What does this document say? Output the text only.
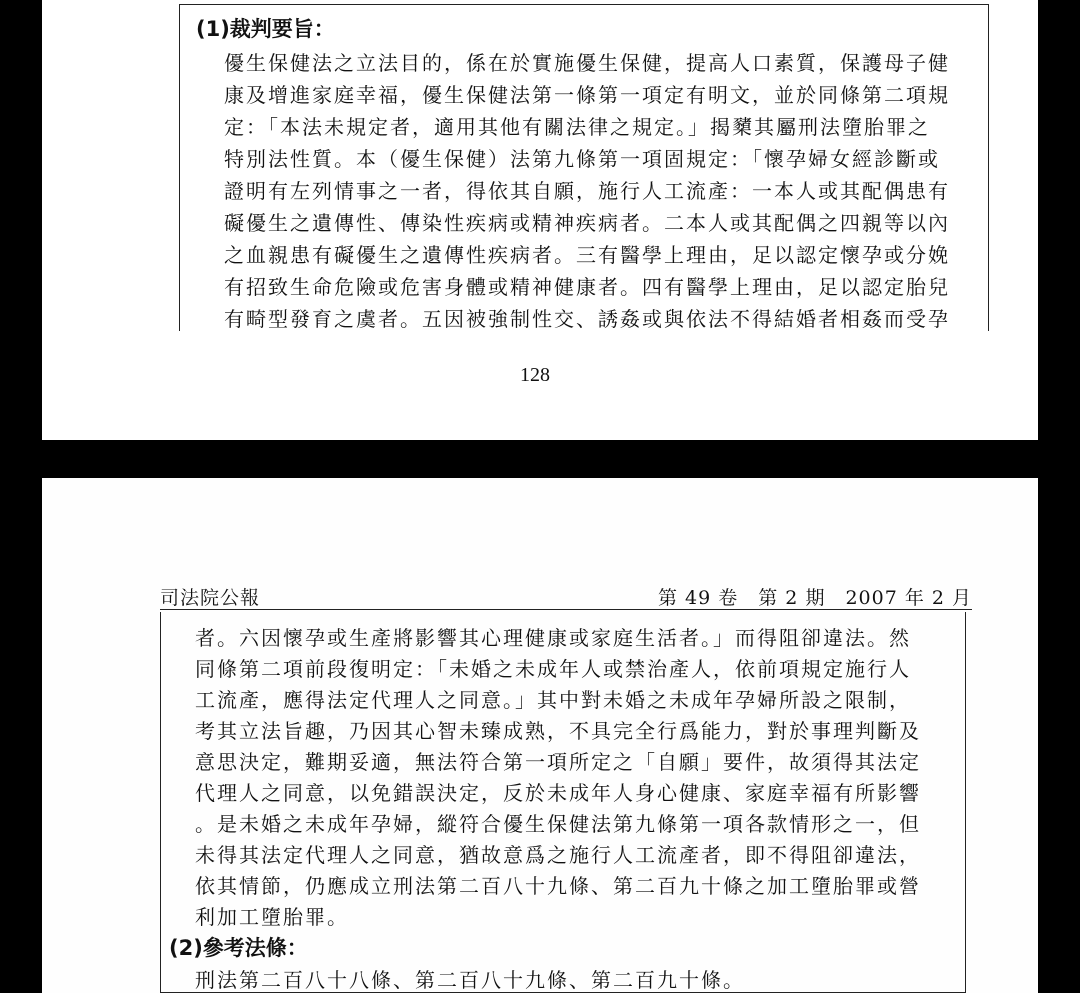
(1)裁判要旨：
優生保健法之立法目的，係在於實施優生保健，提高人口素質，保護母子健
康及增進家庭幸福，優生保健法第一條第一項定有明文，並於同條第二項規
定：「本法未規定者，適用其他有關法律之規定。」揭櫫其屬刑法墮胎罪之
特別法性質。本（優生保健）法第九條第一項固規定：「懷孕婦女經診斷或
證明有左列情事之一者，得依其自願，施行人工流產：一本人或其配偶患有
礙優生之遺傳性、傳染性疾病或精神疾病者。二本人或其配偶之四親等以內
之血親患有礙優生之遺傳性疾病者。三有醫學上理由，足以認定懷孕或分娩
有招致生命危險或危害身體或精神健康者。四有醫學上理由，足以認定胎兒
有畸型發育之虞者。五因被強制性交、誘姦或與依法不得結婚者相姦而受孕
128
司法院公報	第 49 卷　第 2 期　2007 年 2 月
者。六因懷孕或生產將影響其心理健康或家庭生活者。」而得阻卻違法。然
同條第二項前段復明定：「未婚之未成年人或禁治產人，依前項規定施行人
工流產，應得法定代理人之同意。」其中對未婚之未成年孕婦所設之限制，
考其立法旨趣，乃因其心智未臻成熟，不具完全行爲能力，對於事理判斷及
意思決定，難期妥適，無法符合第一項所定之「自願」要件，故須得其法定
代理人之同意，以免錯誤決定，反於未成年人身心健康、家庭幸福有所影響
。是未婚之未成年孕婦，縱符合優生保健法第九條第一項各款情形之一，但
未得其法定代理人之同意，猶故意爲之施行人工流產者，即不得阻卻違法，
依其情節，仍應成立刑法第二百八十九條、第二百九十條之加工墮胎罪或營
利加工墮胎罪。
(2)參考法條：
刑法第二百八十八條、第二百八十九條、第二百九十條。
